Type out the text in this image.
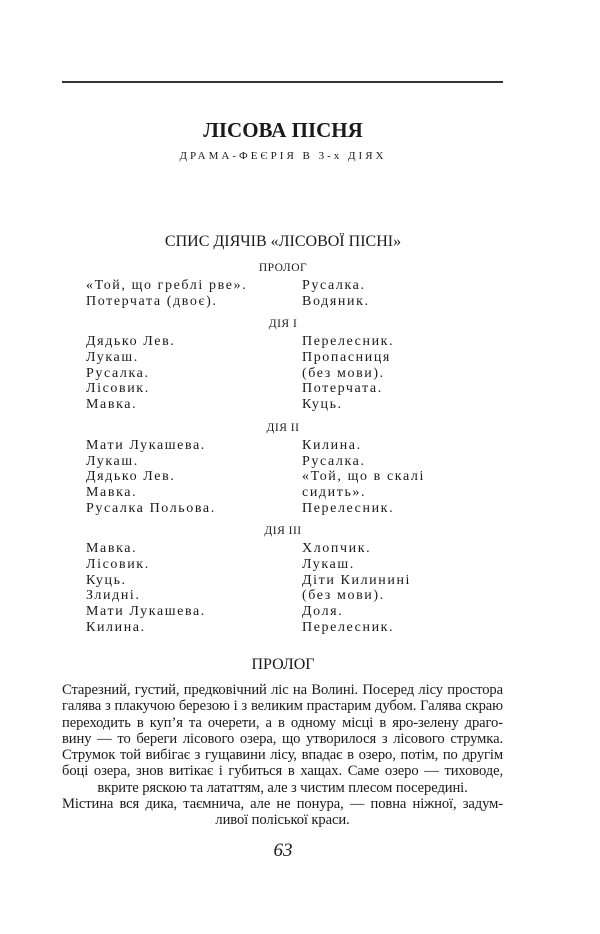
ЛІСОВА ПІСНЯ
ДРАМА-ФЕЄРІЯ В 3-х ДІЯХ
СПИС ДІЯЧІВ «ЛІСОВОЇ ПІСНІ»
ПРОЛОГ
«Той, що греблі рве».	Русалка.
Потерчата (двоє).	Водяник.
ДІЯ I
Дядько Лев.	Перелесник.
Лукаш.	Пропасниця
Русалка.	(без мови).
Лісовик.	Потерчата.
Мавка.	Куць.
ДІЯ II
Мати Лукашева.	Килина.
Лукаш.	Русалка.
Дядько Лев.	«Той, що в скалі
Мавка.	сидить».
Русалка Польова.	Перелесник.
ДІЯ III
Мавка.	Хлопчик.
Лісовик.	Лукаш.
Куць.	Діти Килинині
Злидні.	(без мови).
Мати Лукашева.	Доля.
Килина.	Перелесник.
ПРОЛОГ
Старезний, густий, предковічний ліс на Волині. Посеред лісу простора
галява з плакучою березою і з великим прастарим дубом. Галява скраю
переходить в куп’я та очерети, а в одному місці в яро-зелену драго-
вину — то береги лісового озера, що утворилося з лісового струмка.
Струмок той вибігає з гущавини лісу, впадає в озеро, потім, по другім
боці озера, знов витікає і губиться в хащах. Саме озеро — тиховоде,
вкрите ряскою та лататтям, але з чистим плесом посередині.
Містина вся дика, таємнича, але не понура, — повна ніжної, задум-
ливої поліської краси.
63
